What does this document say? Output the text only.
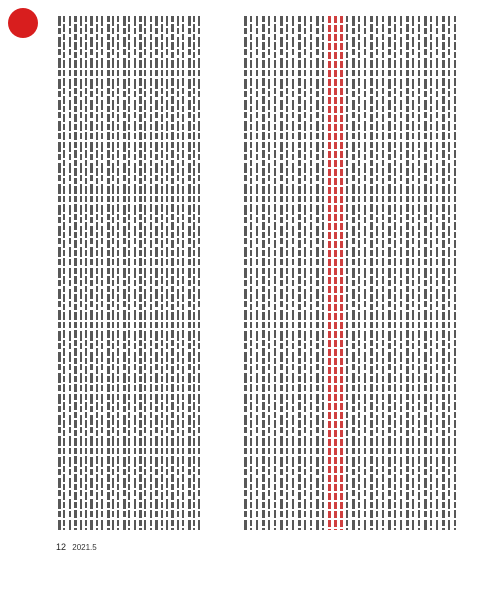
12 2021.5
